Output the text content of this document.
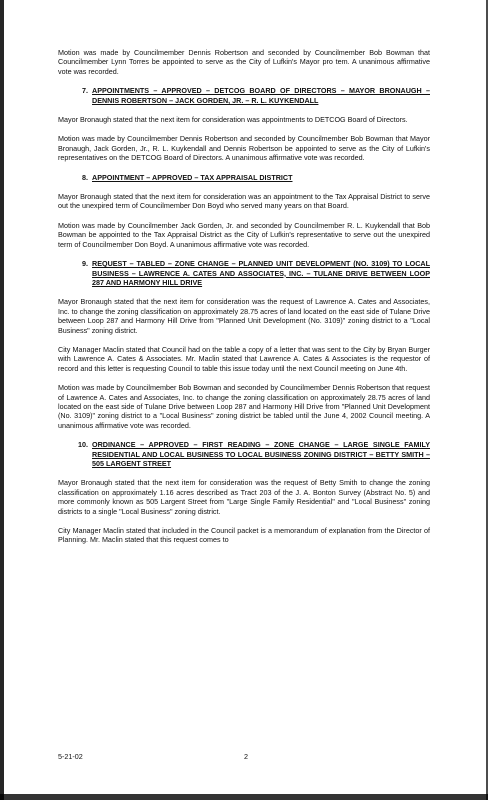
Motion was made by Councilmember Dennis Robertson and seconded by Councilmember Bob Bowman that Councilmember Lynn Torres be appointed to serve as the City of Lufkin's Mayor pro tem. A unanimous affirmative vote was recorded.

7. APPOINTMENTS – APPROVED – DETCOG BOARD OF DIRECTORS – MAYOR BRONAUGH – DENNIS ROBERTSON – JACK GORDEN, JR. – R. L. KUYKENDALL

Mayor Bronaugh stated that the next item for consideration was appointments to DETCOG Board of Directors.

Motion was made by Councilmember Dennis Robertson and seconded by Councilmember Bob Bowman that Mayor Bronaugh, Jack Gorden, Jr., R. L. Kuykendall and Dennis Robertson be appointed to serve as the City of Lufkin's representatives on the DETCOG Board of Directors. A unanimous affirmative vote was recorded.

8. APPOINTMENT – APPROVED – TAX APPRAISAL DISTRICT

Mayor Bronaugh stated that the next item for consideration was an appointment to the Tax Appraisal District to serve out the unexpired term of Councilmember Don Boyd who served many years on that Board.

Motion was made by Councilmember Jack Gorden, Jr. and seconded by Councilmember R. L. Kuykendall that Bob Bowman be appointed to the Tax Appraisal District as the City of Lufkin's representative to serve out the unexpired term of Councilmember Don Boyd. A unanimous affirmative vote was recorded.

9. REQUEST – TABLED – ZONE CHANGE – PLANNED UNIT DEVELOPMENT (NO. 3109) TO LOCAL BUSINESS – LAWRENCE A. CATES AND ASSOCIATES, INC. – TULANE DRIVE BETWEEN LOOP 287 AND HARMONY HILL DRIVE

Mayor Bronaugh stated that the next item for consideration was the request of Lawrence A. Cates and Associates, Inc. to change the zoning classification on approximately 28.75 acres of land located on the east side of Tulane Drive between Loop 287 and Harmony Hill Drive from "Planned Unit Development (No. 3109)" zoning district to a "Local Business" zoning district.

City Manager Maclin stated that Council had on the table a copy of a letter that was sent to the City by Bryan Burger with Lawrence A. Cates & Associates. Mr. Maclin stated that Lawrence A. Cates & Associates is the requestor of record and this letter is requesting Council to table this issue today until the next Council meeting on June 4th.

Motion was made by Councilmember Bob Bowman and seconded by Councilmember Dennis Robertson that request of Lawrence A. Cates and Associates, Inc. to change the zoning classification on approximately 28.75 acres of land located on the east side of Tulane Drive between Loop 287 and Harmony Hill Drive from "Planned Unit Development (No. 3109)" zoning district to a "Local Business" zoning district be tabled until the June 4, 2002 Council meeting. A unanimous affirmative vote was recorded.

10. ORDINANCE – APPROVED – FIRST READING – ZONE CHANGE – LARGE SINGLE FAMILY RESIDENTIAL AND LOCAL BUSINESS TO LOCAL BUSINESS ZONING DISTRICT – BETTY SMITH – 505 LARGENT STREET

Mayor Bronaugh stated that the next item for consideration was the request of Betty Smith to change the zoning classification on approximately 1.16 acres described as Tract 203 of the J. A. Bonton Survey (Abstract No. 5) and more commonly known as 505 Largent Street from "Large Single Family Residential" and "Local Business" zoning districts to a single "Local Business" zoning district.

City Manager Maclin stated that included in the Council packet is a memorandum of explanation from the Director of Planning. Mr. Maclin stated that this request comes to

5-21-02	2
